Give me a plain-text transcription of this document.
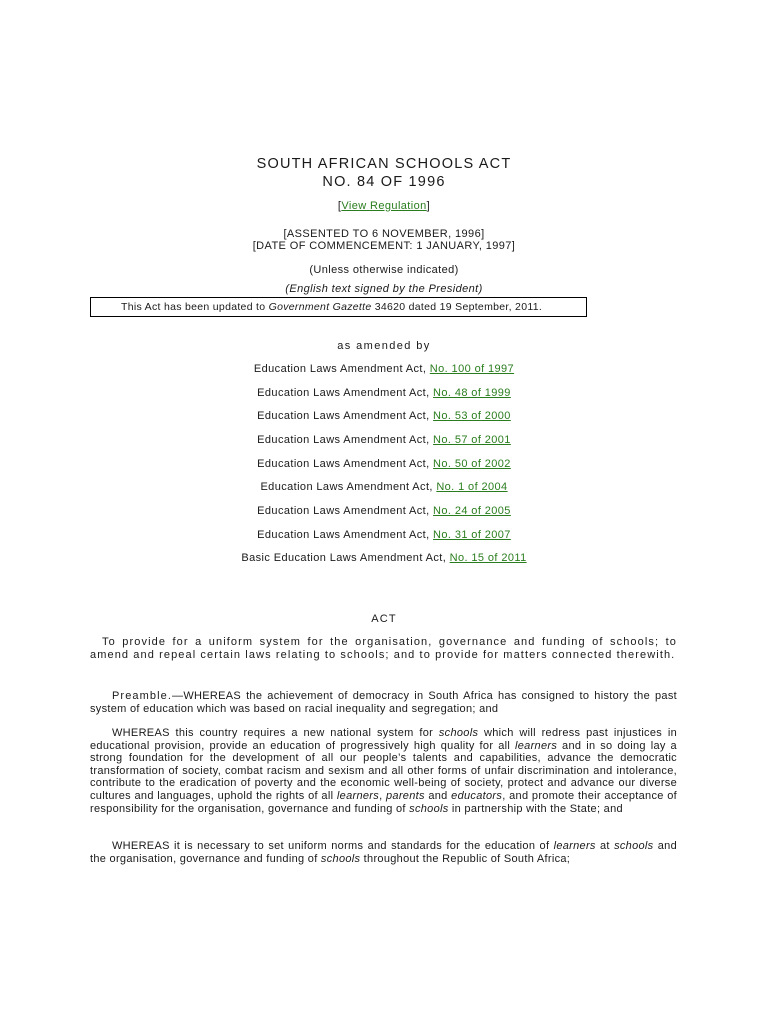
SOUTH AFRICAN SCHOOLS ACT
NO. 84 OF 1996
[View Regulation]
[ASSENTED TO 6 NOVEMBER, 1996]
[DATE OF COMMENCEMENT: 1 JANUARY, 1997]
(Unless otherwise indicated)
(English text signed by the President)
This Act has been updated to Government Gazette 34620 dated 19 September, 2011.
as amended by
Education Laws Amendment Act, No. 100 of 1997
Education Laws Amendment Act, No. 48 of 1999
Education Laws Amendment Act, No. 53 of 2000
Education Laws Amendment Act, No. 57 of 2001
Education Laws Amendment Act, No. 50 of 2002
Education Laws Amendment Act, No. 1 of 2004
Education Laws Amendment Act, No. 24 of 2005
Education Laws Amendment Act, No. 31 of 2007
Basic Education Laws Amendment Act, No. 15 of 2011
ACT
To provide for a uniform system for the organisation, governance and funding of schools; to amend and repeal certain laws relating to schools; and to provide for matters connected therewith.
Preamble.—WHEREAS the achievement of democracy in South Africa has consigned to history the past system of education which was based on racial inequality and segregation; and
WHEREAS this country requires a new national system for schools which will redress past injustices in educational provision, provide an education of progressively high quality for all learners and in so doing lay a strong foundation for the development of all our people’s talents and capabilities, advance the democratic transformation of society, combat racism and sexism and all other forms of unfair discrimination and intolerance, contribute to the eradication of poverty and the economic well-being of society, protect and advance our diverse cultures and languages, uphold the rights of all learners, parents and educators, and promote their acceptance of responsibility for the organisation, governance and funding of schools in partnership with the State; and
WHEREAS it is necessary to set uniform norms and standards for the education of learners at schools and the organisation, governance and funding of schools throughout the Republic of South Africa;
